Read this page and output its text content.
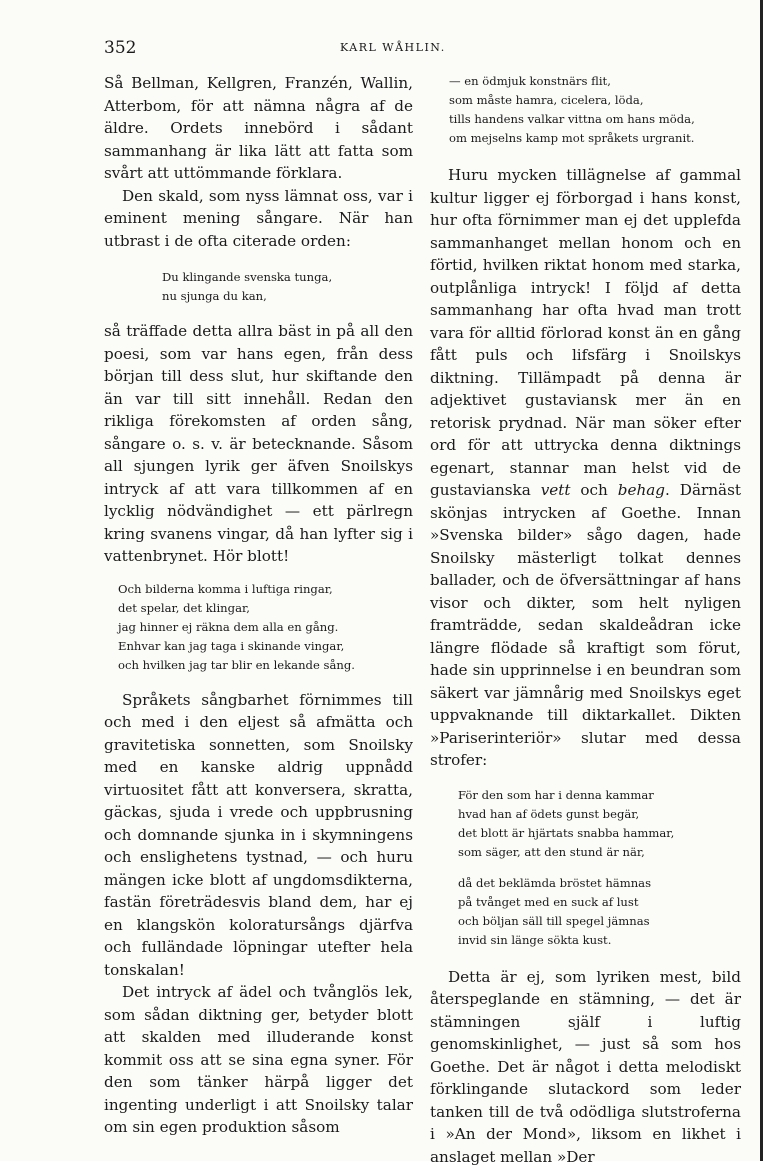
352	KARL WÅHLIN.

Så Bellman, Kellgren, Franzén, Wallin, Atterbom, för att nämna några af de äldre. Ordets innebörd i sådant sammanhang är lika lätt att fatta som svårt att uttömmande förklara.

Den skald, som nyss lämnat oss, var i eminent mening sångare. När han utbrast i de ofta citerade orden:

Du klingande svenska tunga,
nu sjunga du kan,

så träffade detta allra bäst in på all den poesi, som var hans egen, från dess början till dess slut, hur skiftande den än var till sitt innehåll. Redan den rikliga förekomsten af orden sång, sångare o. s. v. är betecknande. Såsom all sjungen lyrik ger äfven Snoilskys intryck af att vara tillkommen af en lycklig nödvändighet — ett pärlregn kring svanens vingar, då han lyfter sig i vattenbrynet. Hör blott!

Och bilderna komma i luftiga ringar,
det spelar, det klingar,
jag hinner ej räkna dem alla en gång.
Enhvar kan jag taga i skinande vingar,
och hvilken jag tar blir en lekande sång.

Språkets sångbarhet förnimmes till och med i den eljest så afmätta och gravitetiska sonnetten, som Snoilsky med en kanske aldrig uppnådd virtuositet fått att konversera, skratta, gäckas, sjuda i vrede och uppbrusning och domnande sjunka in i skymningens och enslighetens tystnad, — och huru mängen icke blott af ungdomsdikterna, fastän företrädesvis bland dem, har ej en klangskön koloratursångs djärfva och fulländade löpningar utefter hela tonskalan!

Det intryck af ädel och tvånglös lek, som sådan diktning ger, betyder blott att skalden med illuderande konst kommit oss att se sina egna syner. För den som tänker härpå ligger det ingenting underligt i att Snoilsky talar om sin egen produktion såsom

— en ödmjuk konstnärs flit,
som måste hamra, cicelera, löda,
tills handens valkar vittna om hans möda,
om mejselns kamp mot språkets urgranit.

Huru mycken tillägnelse af gammal kultur ligger ej förborgad i hans konst, hur ofta förnimmer man ej det upplefda sammanhanget mellan honom och en förtid, hvilken riktat honom med starka, outplånliga intryck! I följd af detta sammanhang har ofta hvad man trott vara för alltid förlorad konst än en gång fått puls och lifsfärg i Snoilskys diktning. Tillämpadt på denna är adjektivet gustaviansk mer än en retorisk prydnad. När man söker efter ord för att uttrycka denna diktnings egenart, stannar man helst vid de gustavianska vett och behag. Därnäst skönjas intrycken af Goethe. Innan »Svenska bilder» sågo dagen, hade Snoilsky mästerligt tolkat dennes ballader, och de öfversättningar af hans visor och dikter, som helt nyligen framträdde, sedan skaldeådran icke längre flödade så kraftigt som förut, hade sin upprinnelse i en beundran som säkert var jämnårig med Snoilskys eget uppvaknande till diktarkallet. Dikten »Pariserinteriör» slutar med dessa strofer:

För den som har i denna kammar
hvad han af ödets gunst begär,
det blott är hjärtats snabba hammar,
som säger, att den stund är när,
då det beklämda bröstet hämnas
på tvånget med en suck af lust
och böljan säll till spegel jämnas
invid sin länge sökta kust.

Detta är ej, som lyriken mest, bild återspeglande en stämning, — det är stämningen själf i luftig genomskinlighet, — just så som hos Goethe. Det är något i detta melodiskt förklingande slutackord som leder tanken till de två odödliga slutstroferna i »An der Mond», liksom en likhet i anslaget mellan »Der
